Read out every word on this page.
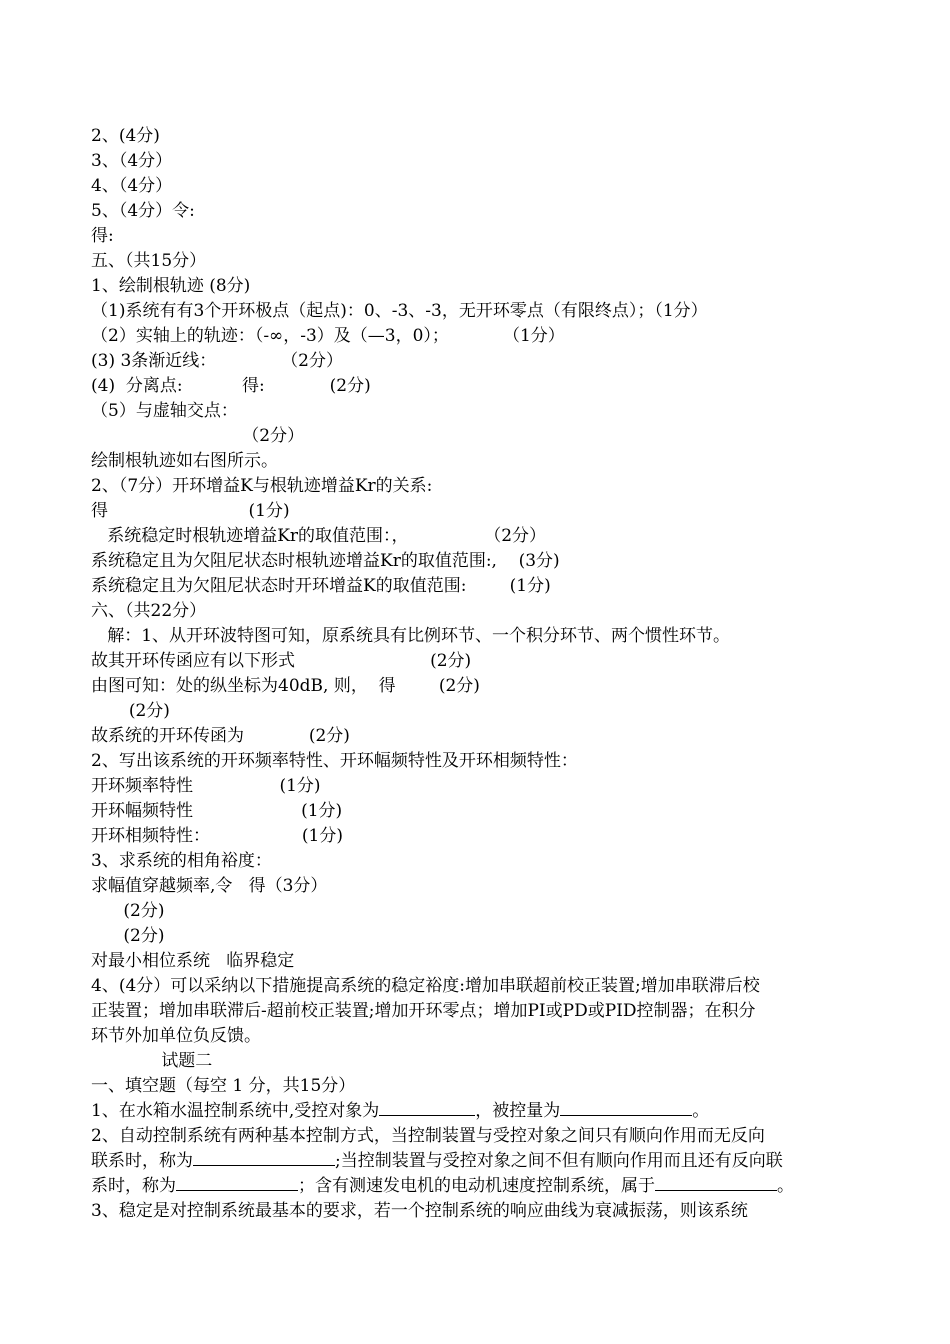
2、(4分)
3、（4分）
4、（4分）
5、（4分）令:
得:
五、（共15分）
1、绘制根轨迹 (8分)
（1)系统有有3个开环极点（起点)：0、-3、-3，无开环零点（有限终点）；（1分）
（2）实轴上的轨迹：（-∞，-3）及（—3，0）；          （1分）
(3) 3条渐近线：            （2分）
(4)  分离点:           得:            (2分)
（5）与虚轴交点：
（2分）
绘制根轨迹如右图所示。
2、（7分）开环增益K与根轨迹增益Kr的关系:
得                          (1分)
系统稳定时根轨迹增益Kr的取值范围：，              （2分）
系统稳定且为欠阻尼状态时根轨迹增益Kr的取值范围:,    (3分)
系统稳定且为欠阻尼状态时开环增益K的取值范围:        (1分)
六、（共22分）
解：1、从开环波特图可知，原系统具有比例环节、一个积分环节、两个惯性环节。
故其开环传函应有以下形式                         (2分)
由图可知：处的纵坐标为40dB, 则，  得        (2分)
(2分)
故系统的开环传函为            (2分)
2、写出该系统的开环频率特性、开环幅频特性及开环相频特性：
开环频率特性                (1分)
开环幅频特性                    (1分)
开环相频特性：                 (1分)
3、求系统的相角裕度：
求幅值穿越频率,令   得（3分）
(2分)
(2分)
对最小相位系统   临界稳定
4、(4分）可以采纳以下措施提高系统的稳定裕度:增加串联超前校正装置;增加串联滞后校
正装置；增加串联滞后-超前校正装置;增加开环零点；增加PI或PD或PID控制器；在积分
环节外加单位负反馈。
试题二
一、填空题（每空 1 分，共15分）
1、在水箱水温控制系统中,受控对象为	，被控量为	。
2、自动控制系统有两种基本控制方式，当控制装置与受控对象之间只有顺向作用而无反向
联系时，称为	;当控制装置与受控对象之间不但有顺向作用而且还有反向联
系时，称为	；含有测速发电机的电动机速度控制系统，属于	。
3、稳定是对控制系统最基本的要求，若一个控制系统的响应曲线为衰减振荡，则该系统
